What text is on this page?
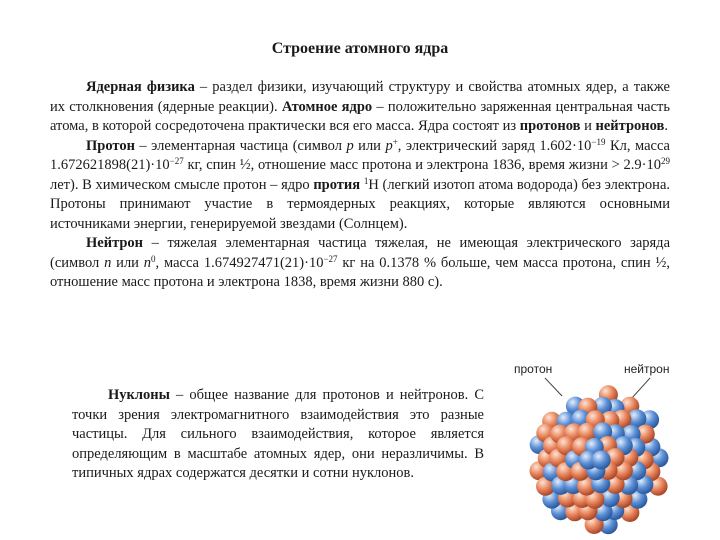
Строение атомного ядра

Ядерная физика – раздел физики, изучающий структуру и свойства атомных ядер, а также их столкновения (ядерные реакции). Атомное ядро – положительно заряженная центральная часть атома, в которой сосредоточена практически вся его масса. Ядра состоят из протонов и нейтронов.

Протон – элементарная частица (символ p или p+, электрический заряд $1.602\cdot 10^{-19}$ Кл, масса $1.672621898(21)\cdot 10^{-27}$ кг, спин ½, отношение масс протона и электрона 1836, время жизни > $2.9\cdot 10^{29}$ лет). В химическом смысле протон – ядро протия $^1$H (легкий изотоп атома водорода) без электрона. Протоны принимают участие в термоядерных реакциях, которые являются основными источниками энергии, генерируемой звездами (Солнцем).

Нейтрон – тяжелая элементарная частица тяжелая, не имеющая электрического заряда (символ n или $n^0$, масса $1.674927471(21)\cdot 10^{-27}$ кг на 0.1378 % больше, чем масса протона, спин ½, отношение масс протона и электрона 1838, время жизни 880 с).

Нуклоны – общее название для протонов и нейтронов. С точки зрения электромагнитного взаимодействия это разные частицы. Для сильного взаимодействия, которое является определяющим в масштабе атомных ядер, они неразличимы. В типичных ядрах содержатся десятки и сотни нуклонов.

протон	нейтрон
